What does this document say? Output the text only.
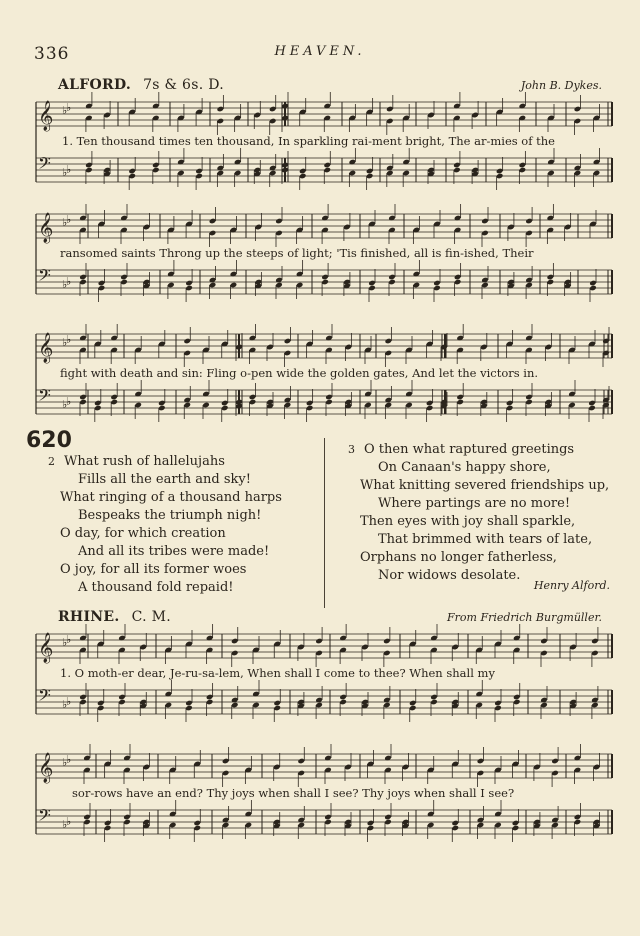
336	HEAVEN.
ALFORD. 7s & 6s. D.	John B. Dykes.
𝄞
𝄢
♭
♭
♭
♭
1. Ten thousand times ten thousand, In sparkling rai-ment bright, The ar-mies of the
𝄞
𝄢
♭
♭
♭
♭
ransomed saints Throng up the steeps of light; 'Tis finished, all is fin-ished, Their
𝄞
𝄢
♭
♭
♭
♭
fight with death and sin: Fling o-pen wide the golden gates, And let the victors in.
620
2 What rush of hallelujahs
Fills all the earth and sky!
What ringing of a thousand harps
Bespeaks the triumph nigh!
O day, for which creation
And all its tribes were made!
O joy, for all its former woes
A thousand fold repaid!
3 O then what raptured greetings
On Canaan's happy shore,
What knitting severed friendships up,
Where partings are no more!
Then eyes with joy shall sparkle,
That brimmed with tears of late,
Orphans no longer fatherless,
Nor widows desolate.
Henry Alford.
RHINE. C. M.	From Friedrich Burgmüller.
𝄞
𝄢
♭
♭
♭
♭
1. O moth-er dear, Je-ru-sa-lem, When shall I come to thee? When shall my
𝄞
𝄢
♭
♭
♭
♭
sor-rows have an end? Thy joys when shall I see? Thy joys when shall I see?
